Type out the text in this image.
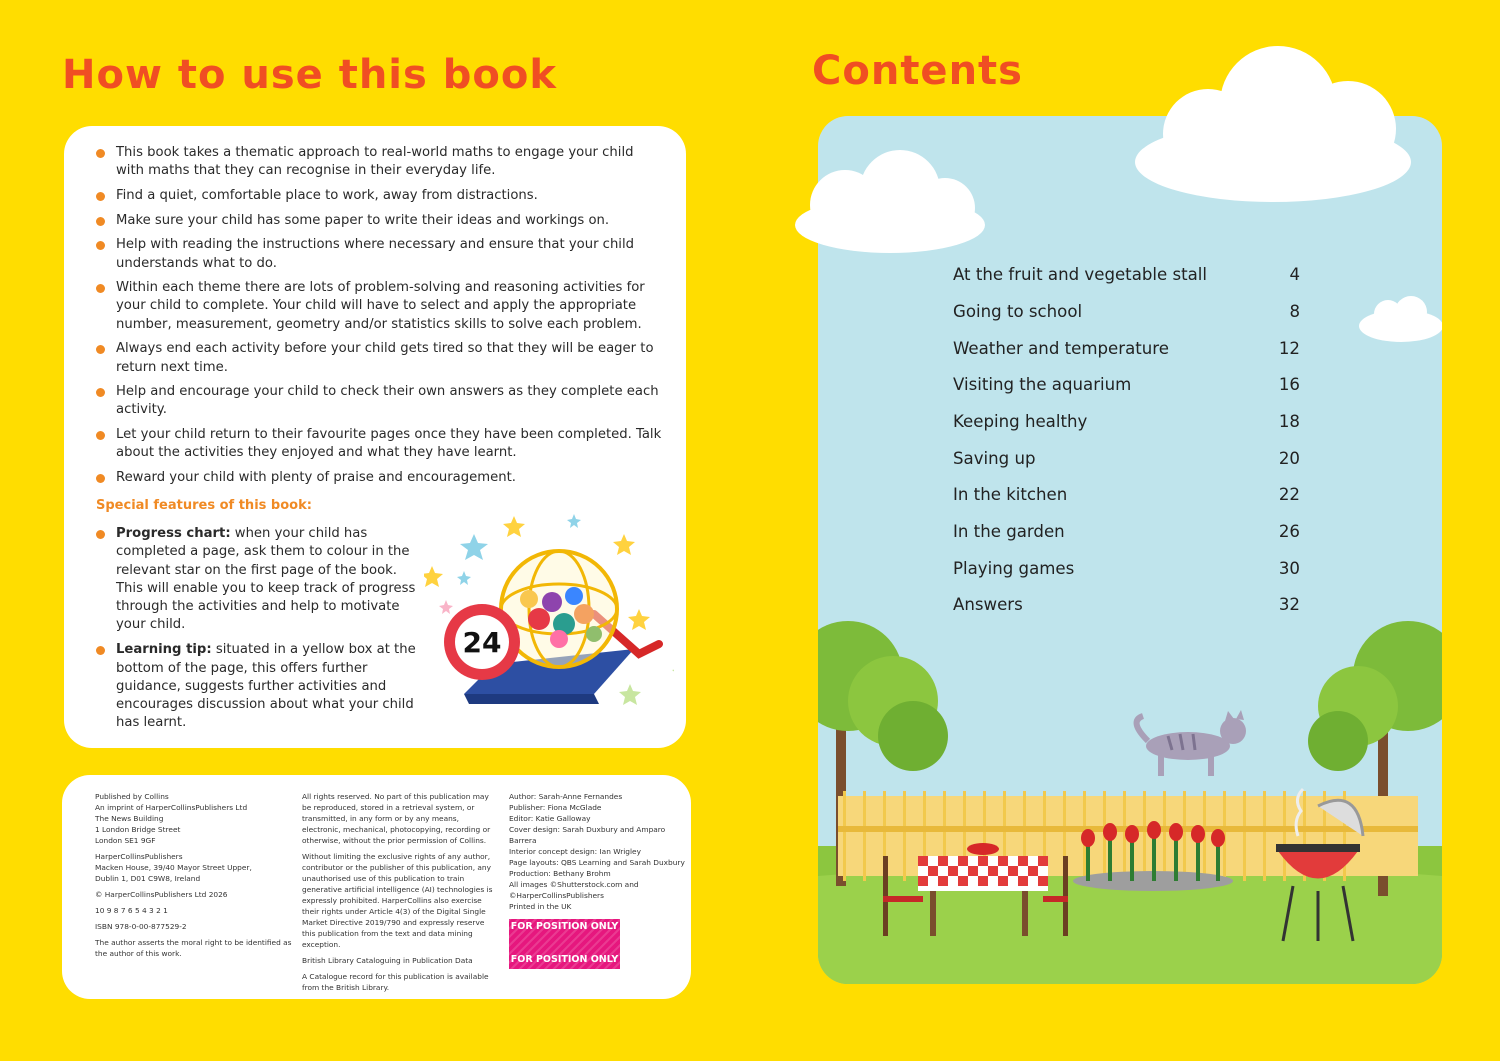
How to use this book
This book takes a thematic approach to real-world maths to engage your child with maths that they can recognise in their everyday life.
Find a quiet, comfortable place to work, away from distractions.
Make sure your child has some paper to write their ideas and workings on.
Help with reading the instructions where necessary and ensure that your child understands what to do.
Within each theme there are lots of problem-solving and reasoning activities for your child to complete. Your child will have to select and apply the appropriate number, measurement, geometry and/or statistics skills to solve each problem.
Always end each activity before your child gets tired so that they will be eager to return next time.
Help and encourage your child to check their own answers as they complete each activity.
Let your child return to their favourite pages once they have been completed. Talk about the activities they enjoyed and what they have learnt.
Reward your child with plenty of praise and encouragement.
Special features of this book:
Progress chart: when your child has completed a page, ask them to colour in the relevant star on the first page of the book. This will enable you to keep track of progress through the activities and help to motivate your child.
Learning tip: situated in a yellow box at the bottom of the page, this offers further guidance, suggests further activities and encourages discussion about what your child has learnt.
24

Published by Collins
An imprint of HarperCollinsPublishers Ltd
The News Building
1 London Bridge Street
London SE1 9GF

HarperCollinsPublishers
Macken House, 39/40 Mayor Street Upper,
Dublin 1, D01 C9W8, Ireland

© HarperCollinsPublishers Ltd 2026

10 9 8 7 6 5 4 3 2 1

ISBN 978-0-00-877529-2

The author asserts the moral right to be identified as the author of this work.

All rights reserved. No part of this publication may be reproduced, stored in a retrieval system, or transmitted, in any form or by any means, electronic, mechanical, photocopying, recording or otherwise, without the prior permission of Collins.

Without limiting the exclusive rights of any author, contributor or the publisher of this publication, any unauthorised use of this publication to train generative artificial intelligence (AI) technologies is expressly prohibited. HarperCollins also exercise their rights under Article 4(3) of the Digital Single Market Directive 2019/790 and expressly reserve this publication from the text and data mining exception.

British Library Cataloguing in Publication Data

A Catalogue record for this publication is available from the British Library.

Author: Sarah-Anne Fernandes
Publisher: Fiona McGlade
Editor: Katie Galloway
Cover design: Sarah Duxbury and Amparo Barrera
Interior concept design: Ian Wrigley
Page layouts: QBS Learning and Sarah Duxbury
Production: Bethany Brohm
All images ©Shutterstock.com and ©HarperCollinsPublishers
Printed in the UK

FOR POSITION ONLY
FOR POSITION ONLY
Contents
At the fruit and vegetable stall	4
Going to school	8
Weather and temperature	12
Visiting the aquarium	16
Keeping healthy	18
Saving up	20
In the kitchen	22
In the garden	26
Playing games	30
Answers	32
